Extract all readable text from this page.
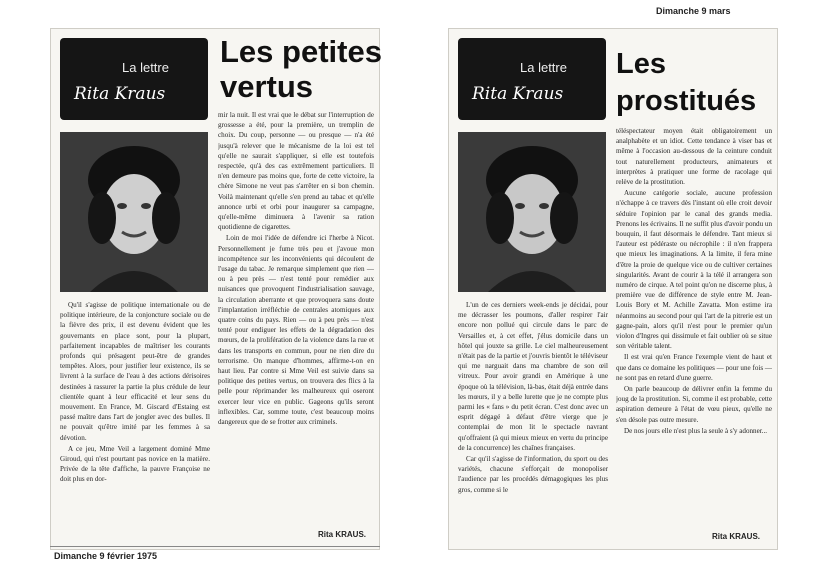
La lettre
Rita Kraus
Les petites
vertus

Qu'il s'agisse de politique internationale ou de politique intérieure, de la conjoncture sociale ou de la fièvre des prix, il est devenu évident que les gouvernants en place sont, pour la plupart, parfaitement incapables de maîtriser les courants profonds qui présagent peut-être de grandes tempêtes. Alors, pour justifier leur existence, ils se livrent à la surface de l'eau à des actions dérisoires destinées à rassurer la partie la plus crédule de leur clientèle quant à leur efficacité et leur sens du mouvement. En France, M. Giscard d'Estaing est passé maître dans l'art de jongler avec des bulles. Il ne pouvait qu'être imité par les femmes à sa dévotion.

A ce jeu, Mme Veil a largement dominé Mme Giroud, qui n'est pourtant pas novice en la matière. Privée de la tête d'affiche, la pauvre Françoise ne doit plus en dor-

mir la nuit. Il est vrai que le débat sur l'interruption de grossesse a été, pour la première, un tremplin de choix. Du coup, personne — ou presque — n'a été jusqu'à relever que le mécanisme de la loi est tel qu'elle ne saurait s'appliquer, si elle est toutefois respectée, qu'à des cas extrêmement particuliers. Il n'en demeure pas moins que, forte de cette victoire, la chère Simone ne veut pas s'arrêter en si bon chemin. Voilà maintenant qu'elle s'en prend au tabac et qu'elle annonce urbi et orbi pour inaugurer sa campagne, qu'elle-même diminuera à l'avenir sa ration quotidienne de cigarettes.

Loin de moi l'idée de défendre ici l'herbe à Nicot. Personnellement je fume très peu et j'avoue mon incompétence sur les inconvénients qui découlent de l'usage du tabac. Je remarque simplement que rien — ou à peu près — n'est tenté pour remédier aux nuisances que provoquent l'industrialisation sauvage, la circulation aberrante et que provoquera sans doute l'implantation irréfléchie de centrales atomiques aux quatre coins du pays. Rien — ou à peu près — n'est tenté pour endiguer les effets de la dégradation des mœurs, de la prolifération de la violence dans la rue et dans les transports en commun, pour ne rien dire du terrorisme. On manque d'hommes, affirme-t-on en haut lieu. Par contre si Mme Veil est suivie dans sa politique des petites vertus, on trouvera des flics à la pelle pour réprimander les malheureux qui oseront exercer leur vice en public. Gageons qu'ils seront inflexibles. Car, somme toute, c'est beaucoup moins dangereux que de se frotter aux criminels.

Rita KRAUS.
Dimanche 9 février 1975
Dimanche 9 mars
La lettre
Rita Kraus
Les
prostitués

L'un de ces derniers week-ends je décidai, pour me décrasser les poumons, d'aller respirer l'air encore non pollué qui circule dans le parc de Versailles et, à cet effet, j'élus domicile dans un hôtel qui jouxte sa grille. Le ciel malheureusement n'était pas de la partie et j'ouvris bientôt le téléviseur qui me narguait dans ma chambre de son œil vitreux. Pour avoir grandi en Amérique à une époque où la télévision, là-bas, était déjà entrée dans les mœurs, il y a belle lurette que je ne compte plus parmi les « fans » du petit écran. C'est donc avec un esprit dégagé à défaut d'être vierge que je contemplai de mon lit le spectacle navrant qu'offraient (à qui mieux mieux en vertu du principe de la concurrence) les chaînes françaises.

Car qu'il s'agisse de l'information, du sport ou des variétés, chacune s'efforçait de monopoliser l'audience par les procédés démagogiques les plus gros, comme si le

téléspectateur moyen était obligatoirement un analphabète et un idiot. Cette tendance à viser bas et même à l'occasion au-dessous de la ceinture conduit tout naturellement producteurs, animateurs et interprètes à pratiquer une forme de racolage qui relève de la prostitution.

Aucune catégorie sociale, aucune profession n'échappe à ce travers dès l'instant où elle croit devoir séduire l'opinion par le canal des grands media. Prenons les écrivains. Il ne suffit plus d'avoir pondu un bouquin, il faut désormais le défendre. Tant mieux si l'auteur est pédéraste ou nécrophile : il n'en frappera que mieux les imaginations. A la limite, il fera mine d'être la proie de quelque vice ou de cultiver certaines singularités. Avant de courir à la télé il arrangera son numéro de cirque. A tel point qu'on ne discerne plus, à première vue de différence de style entre M. Jean-Louis Bory et M. Achille Zavatta. Mon estime ira néanmoins au second pour qui l'art de la pitrerie est un gagne-pain, alors qu'il n'est pour le premier qu'un violon d'Ingres qui dissimule et fait oublier où se situe son véritable talent.

Il est vrai qu'en France l'exemple vient de haut et que dans ce domaine les politiques — pour une fois — ne sont pas en retard d'une guerre.

On parle beaucoup de délivrer enfin la femme du joug de la prostitution. Si, comme il est probable, cette aspiration demeure à l'état de vœu pieux, qu'elle ne s'en désole pas outre mesure.

De nos jours elle n'est plus la seule à s'y adonner...

Rita KRAUS.
